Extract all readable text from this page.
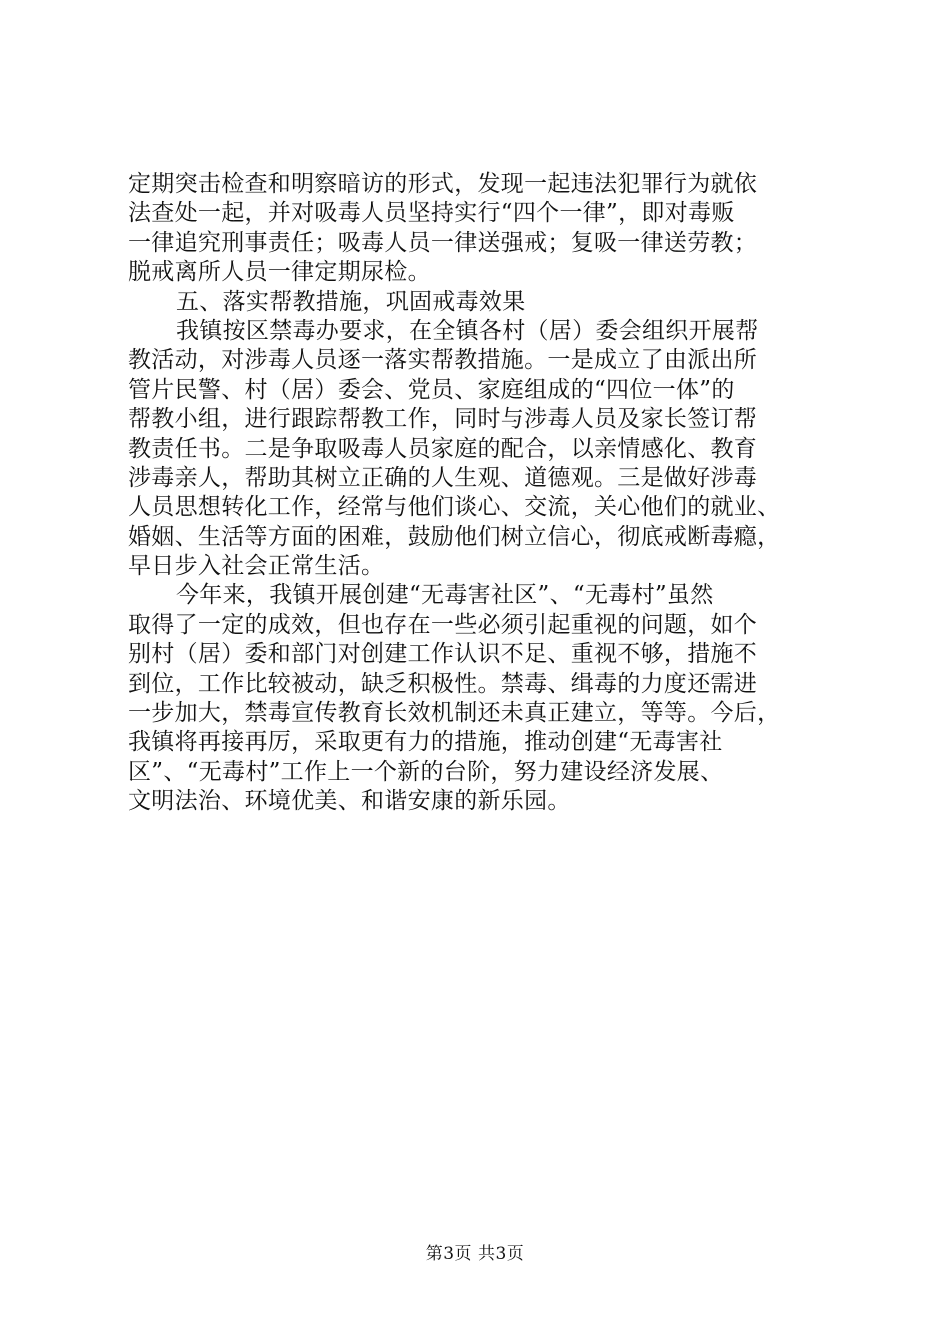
定期突击检查和明察暗访的形式，发现一起违法犯罪行为就依
法查处一起，并对吸毒人员坚持实行“四个一律”，即对毒贩
一律追究刑事责任；吸毒人员一律送强戒；复吸一律送劳教；
脱戒离所人员一律定期尿检。
五、落实帮教措施，巩固戒毒效果
我镇按区禁毒办要求，在全镇各村（居）委会组织开展帮
教活动，对涉毒人员逐一落实帮教措施。一是成立了由派出所
管片民警、村（居）委会、党员、家庭组成的“四位一体”的
帮教小组，进行跟踪帮教工作，同时与涉毒人员及家长签订帮
教责任书。二是争取吸毒人员家庭的配合，以亲情感化、教育
涉毒亲人，帮助其树立正确的人生观、道德观。三是做好涉毒
人员思想转化工作，经常与他们谈心、交流，关心他们的就业、
婚姻、生活等方面的困难，鼓励他们树立信心，彻底戒断毒瘾，
早日步入社会正常生活。
今年来，我镇开展创建“无毒害社区”、“无毒村”虽然
取得了一定的成效，但也存在一些必须引起重视的问题，如个
别村（居）委和部门对创建工作认识不足、重视不够，措施不
到位，工作比较被动，缺乏积极性。禁毒、缉毒的力度还需进
一步加大，禁毒宣传教育长效机制还未真正建立，等等。今后，
我镇将再接再厉，采取更有力的措施，推动创建“无毒害社
区”、“无毒村”工作上一个新的台阶，努力建设经济发展、
文明法治、环境优美、和谐安康的新乐园。
第3页 共3页
